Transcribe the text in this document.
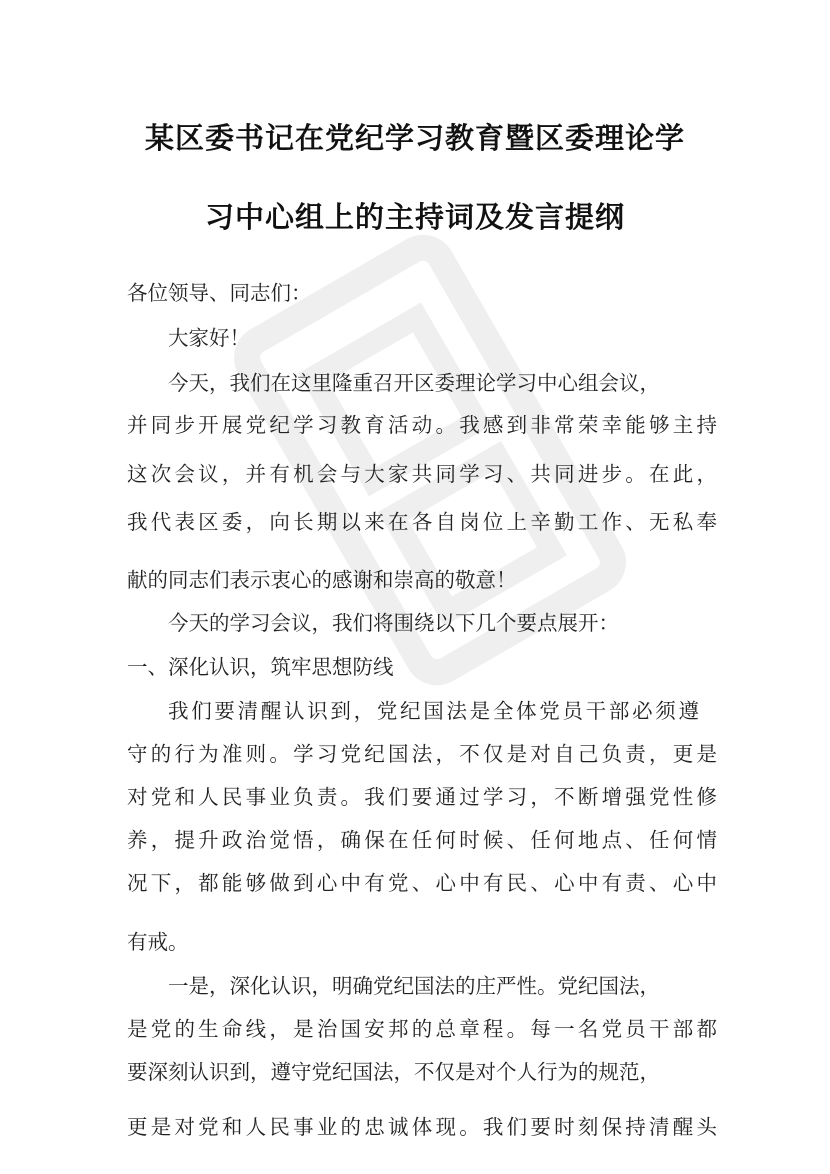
某区委书记在党纪学习教育暨区委理论学
习中心组上的主持词及发言提纲
各位领导、同志们：
大家好！
今天，我们在这里隆重召开区委理论学习中心组会议，
并同步开展党纪学习教育活动。我感到非常荣幸能够主持
这次会议，并有机会与大家共同学习、共同进步。在此，
我代表区委，向长期以来在各自岗位上辛勤工作、无私奉
献的同志们表示衷心的感谢和崇高的敬意！
今天的学习会议，我们将围绕以下几个要点展开：
一、深化认识，筑牢思想防线
我们要清醒认识到，党纪国法是全体党员干部必须遵
守的行为准则。学习党纪国法，不仅是对自己负责，更是
对党和人民事业负责。我们要通过学习，不断增强党性修
养，提升政治觉悟，确保在任何时候、任何地点、任何情
况下，都能够做到心中有党、心中有民、心中有责、心中
有戒。
一是，深化认识，明确党纪国法的庄严性。党纪国法，
是党的生命线，是治国安邦的总章程。每一名党员干部都
要深刻认识到，遵守党纪国法，不仅是对个人行为的规范，
更是对党和人民事业的忠诚体现。我们要时刻保持清醒头
